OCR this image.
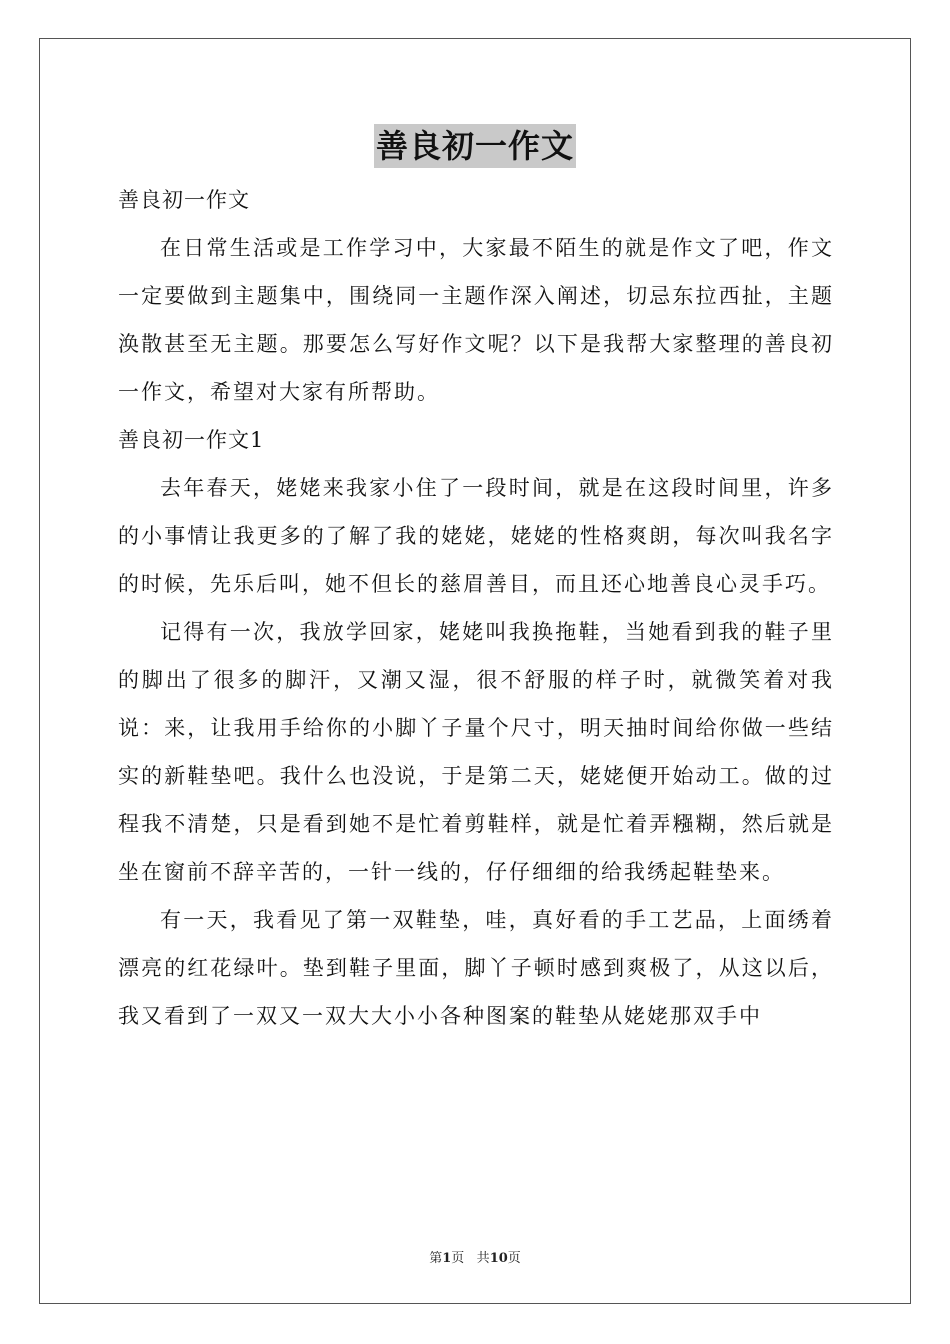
善良初一作文
善良初一作文

在日常生活或是工作学习中，大家最不陌生的就是作文了吧，作文一定要做到主题集中，围绕同一主题作深入阐述，切忌东拉西扯，主题涣散甚至无主题。那要怎么写好作文呢？以下是我帮大家整理的善良初一作文，希望对大家有所帮助。

善良初一作文1

去年春天，姥姥来我家小住了一段时间，就是在这段时间里，许多的小事情让我更多的了解了我的姥姥，姥姥的性格爽朗，每次叫我名字的时候，先乐后叫，她不但长的慈眉善目，而且还心地善良心灵手巧。

记得有一次，我放学回家，姥姥叫我换拖鞋，当她看到我的鞋子里的脚出了很多的脚汗，又潮又湿，很不舒服的样子时，就微笑着对我说：来，让我用手给你的小脚丫子量个尺寸，明天抽时间给你做一些结实的新鞋垫吧。我什么也没说，于是第二天，姥姥便开始动工。做的过程我不清楚，只是看到她不是忙着剪鞋样，就是忙着弄糨糊，然后就是坐在窗前不辞辛苦的，一针一线的，仔仔细细的给我绣起鞋垫来。

有一天，我看见了第一双鞋垫，哇，真好看的手工艺品，上面绣着漂亮的红花绿叶。垫到鞋子里面，脚丫子顿时感到爽极了，从这以后，我又看到了一双又一双大大小小各种图案的鞋垫从姥姥那双手中

第1页 共10页
